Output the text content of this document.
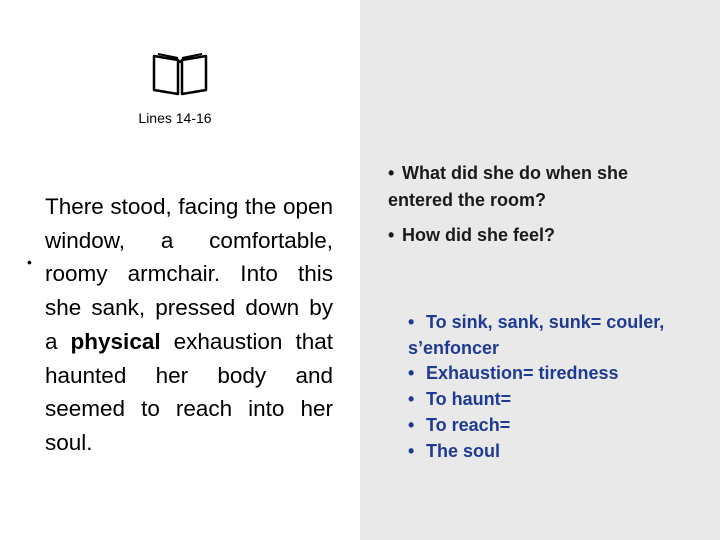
Lines 14-16
•

There stood, facing the open window, a comfortable, roomy armchair. Into this she sank, pressed down by a physical exhaustion that haunted her body and seemed to reach into her soul.

• What did she do when she entered the room?
• How did she feel?
• To sink, sank, sunk= couler, s’enfoncer
• Exhaustion= tiredness
• To haunt=
• To reach=
• The soul
